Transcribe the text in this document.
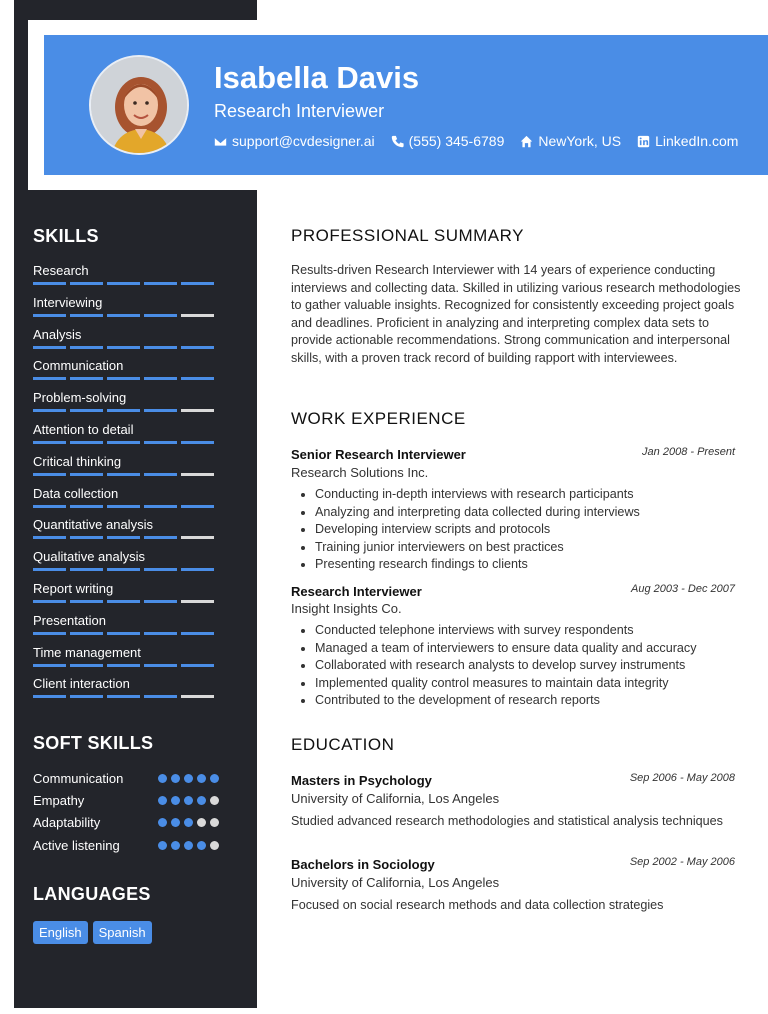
Isabella Davis
Research Interviewer
support@cvdesigner.ai (555) 345-6789 NewYork, US LinkedIn.com
SKILLS
Research
Interviewing
Analysis
Communication
Problem-solving
Attention to detail
Critical thinking
Data collection
Quantitative analysis
Qualitative analysis
Report writing
Presentation
Time management
Client interaction
SOFT SKILLS
Communication
Empathy
Adaptability
Active listening
LANGUAGES
English	Spanish
PROFESSIONAL SUMMARY
Results-driven Research Interviewer with 14 years of experience conducting interviews and collecting data. Skilled in utilizing various research methodologies to gather valuable insights. Recognized for consistently exceeding project goals and deadlines. Proficient in analyzing and interpreting complex data sets to provide actionable recommendations. Strong communication and interpersonal skills, with a proven track record of building rapport with interviewees.
WORK EXPERIENCE
Senior Research Interviewer	Jan 2008 - Present
Research Solutions Inc.
• Conducting in-depth interviews with research participants
• Analyzing and interpreting data collected during interviews
• Developing interview scripts and protocols
• Training junior interviewers on best practices
• Presenting research findings to clients
Research Interviewer	Aug 2003 - Dec 2007
Insight Insights Co.
• Conducted telephone interviews with survey respondents
• Managed a team of interviewers to ensure data quality and accuracy
• Collaborated with research analysts to develop survey instruments
• Implemented quality control measures to maintain data integrity
• Contributed to the development of research reports
EDUCATION
Masters in Psychology	Sep 2006 - May 2008
University of California, Los Angeles
Studied advanced research methodologies and statistical analysis techniques
Bachelors in Sociology	Sep 2002 - May 2006
University of California, Los Angeles
Focused on social research methods and data collection strategies
